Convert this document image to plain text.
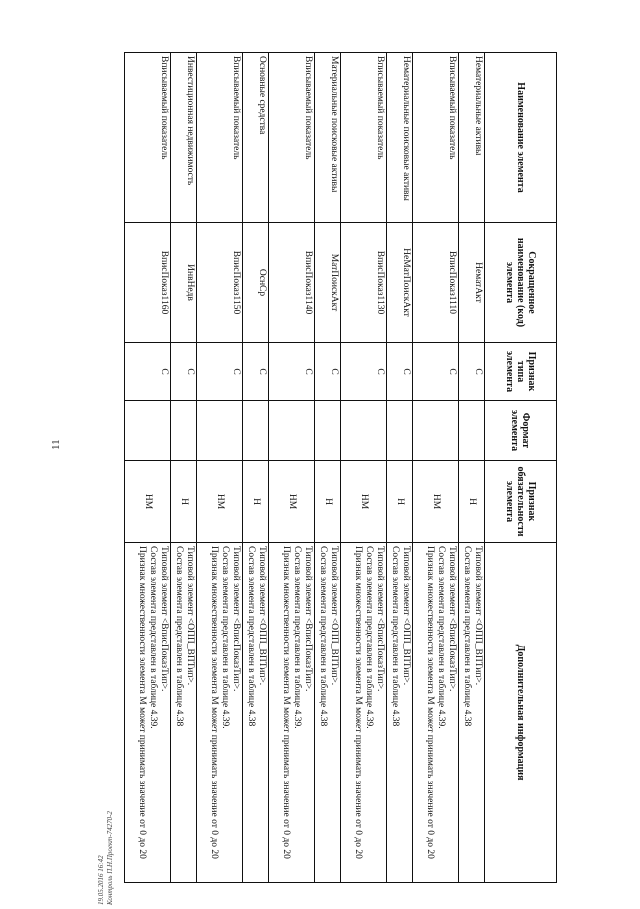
11
19.05.2016 16:42 Контроль П.Н.Проект-74270-2
Наименование элемента	Сокращенное наименование (код) элемента	Признак типа элемента	Формат элемента	Признак обязательности элемента	Дополнительная информация
Нематериальные активы	НематАкт	С		Н	Типовой элемент <ОПП_ВПТип>.
Состав элемента представлен в таблице 4.38

Вписываемый показатель	ВписПоказ1110	С		НМ	Типовой элемент <ВписПоказТип>.
Состав элемента представлен в таблице 4.39.
Признак множественности элемента М может принимать значение от 0 до 20

Нематериальные поисковые активы	НеМатПоискАкт	С		Н	Типовой элемент <ОПП_ВПТип>.
Состав элемента представлен в таблице 4.38

Вписываемый показатель	ВписПоказ1130	С		НМ	Типовой элемент <ВписПоказТип>.
Состав элемента представлен в таблице 4.39.
Признак множественности элемента М может принимать значение от 0 до 20

Материальные поисковые активы	МатПоискАкт	С		Н	Типовой элемент <ОПП_ВПТип>.
Состав элемента представлен в таблице 4.38

Вписываемый показатель	ВписПоказ1140	С		НМ	Типовой элемент <ВписПоказТип>.
Состав элемента представлен в таблице 4.39.
Признак множественности элемента М может принимать значение от 0 до 20

Основные средства	ОснСр	С		Н	Типовой элемент <ОПП_ВПТип>.
Состав элемента представлен в таблице 4.38

Вписываемый показатель	ВписПоказ1150	С		НМ	Типовой элемент <ВписПоказТип>.
Состав элемента представлен в таблице 4.39.
Признак множественности элемента М может принимать значение от 0 до 20

Инвестиционная недвижимость	ИнвНедв	С		Н	Типовой элемент <ОПП_ВПТип>.
Состав элемента представлен в таблице 4.38

Вписываемый показатель	ВписПоказ1160	С		НМ	Типовой элемент <ВписПоказТип>.
Состав элемента представлен в таблице 4.39.
Признак множественности элемента М может принимать значение от 0 до 20
